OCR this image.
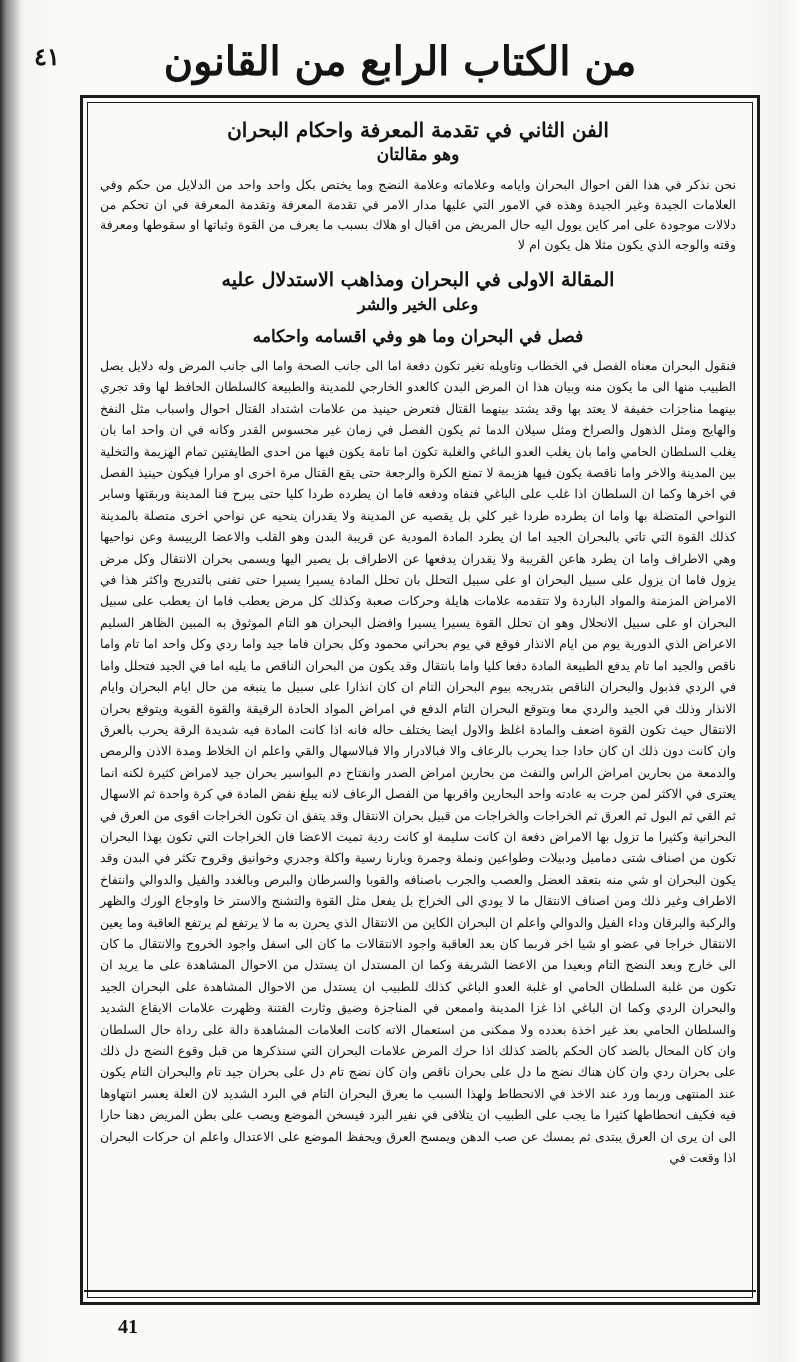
من الكتاب الرابع من القانون
٤١
الفن الثاني في تقدمة المعرفة واحكام البحران
وهو مقالتان

نحن نذكر في هذا الفن احوال البحران وايامه وعلاماته وعلامة النضج وما يختص بكل واحد واحد من الدلايل من حكم وفي العلامات الجيدة وغير الجيدة وهذه في الامور التي عليها مدار الامر في تقدمة المعرفة وتقدمة المعرفة في ان تحكم من دلالات موجودة على امر كاين يوول اليه حال المريض من اقبال او هلاك بسبب ما يعرف من القوة وثباتها او سقوطها ومعرفة وقته والوجه الذي يكون مثلا هل يكون ام لا

المقالة الاولى في البحران ومذاهب الاستدلال عليه
وعلى الخير والشر
فصل في البحران وما هو وفي اقسامه واحكامه

فنقول البحران معناه الفصل في الخطاب وتاويله تغير تكون دفعة اما الى جانب الصحة واما الى جانب المرض وله دلايل يصل الطبيب منها الى ما يكون منه وبيان هذا ان المرض البدن كالعدو الخارجي للمدينة والطبيعة كالسلطان الحافظ لها وقد تجري بينهما مناجزات خفيفة لا يعتد بها وقد يشتد بينهما القتال فتعرض حينيذ من علامات اشتداد القتال احوال واسباب مثل النفخ والهايج ومثل الذهول والصراخ ومثل سيلان الدما ثم يكون الفصل في زمان غير محسوس القدر وكانه في ان واحد اما بان يغلب السلطان الحامي واما بان يغلب العدو الباغي والغلبة تكون اما تامة يكون فيها من احدى الطايفتين تمام الهزيمة والتخلية بين المدينة والاخر واما ناقصة يكون فيها هزيمة لا تمنع الكرة والرجعة حتى يقع القتال مرة اخرى او مرارا فيكون حينيذ الفصل في اخرها وكما ان السلطان اذا غلب على الباغي فنفاه ودفعه فاما ان يطرده طردا كليا حتى يبرح فنا المدينة وربقتها وسابر النواحي المتصلة بها واما ان يطرده طردا غير كلي بل يقصيه عن المدينة ولا يقدران ينحيه عن نواحي اخرى متصلة بالمدينة كذلك القوة التي تاتي بالبحران الجيد اما ان يطرد المادة المودية عن قريبة البدن وهو القلب والاعضا الرييسة وعن نواحيها وهي الاطراف واما ان يطرد هاعن القريبة ولا يقدران يدفعها عن الاطراف بل يصير اليها ويسمى بحران الانتقال وكل مرض يزول فاما ان يزول على سبيل البحران او على سبيل التحلل بان تحلل المادة يسيرا يسيرا حتى تفنى بالتدريج واكثر هذا في الامراض المزمنة والمواد الباردة ولا تتقدمه علامات هايلة وحركات صعبة وكذلك كل مرض يعطب فاما ان يعطب على سبيل البحران او على سبيل الانحلال وهو ان تحلل القوة يسيرا يسيرا وافضل البحران هو التام الموثوق به المبين الظاهر السليم الاعراض الذي الدورية يوم من ايام الانذار فوقع في يوم بحراني محمود وكل بحران فاما جيد واما ردي وكل واحد اما تام واما ناقص والجيد اما تام يدفع الطبيعة المادة دفعا كليا واما بانتقال وقد يكون من البحران الناقص ما يليه اما في الجيد فتحلل واما في الردي فذبول والبحران الناقص بتدريجه بيوم البحران التام ان كان انذارا على سبيل ما ينبغه من حال ايام البحران وايام الانذار وذلك في الجيد والردي معا وبتوقع البحران التام الدفع في امراض المواد الحادة الرقيقة والقوة القوية ويتوقع بحران الانتقال حيث تكون القوة اضعف والمادة اغلظ والاول ايضا يختلف حاله فانه اذا كانت المادة فيه شديدة الرقة يحرب بالعرق وان كانت دون ذلك ان كان حادا جدا يحرب بالرعاف والا فبالادرار والا فبالاسهال والقي واعلم ان الخلاط ومدة الاذن والرمص والدمعة من بحارين امراض الراس والنفث من بحارين امراض الصدر وانفتاح دم البواسير بحران جيد لامراض كثيرة لكنه انما يعترى في الاكثر لمن جرت به عادته واحد البحارين واقربها من الفصل الرعاف لانه يبلغ نفض المادة في كرة واحدة ثم الاسهال ثم القي ثم البول ثم العرق ثم الخراجات والخراجات من قبيل بحران الانتقال وقد يتفق ان تكون الخراجات اقوى من العرق في البحرانية وكثيرا ما تزول بها الامراض دفعة ان كانت سليمة او كانت ردية تميت الاعضا فان الخراجات التي تكون بهذا البحران تكون من اصناف شتى دماميل ودبيلات وطواعين ونملة وجمرة وبارنا رسية واكلة وجدري وخوانيق وقروح تكثر في البدن وقد يكون البحران او شي منه بتعقد العضل والعصب والجرب باصنافه والقوبا والسرطان والبرص وبالغدد والفيل والدوالي وانتفاخ الاطراف وغير ذلك ومن اصناف الانتقال ما لا يودي الى الخراج بل يفعل مثل القوة والتشنج والاستر خا واوجاع الورك والظهر والركبة والبرقان وداء الفيل والدوالي واعلم ان البحران الكاين من الانتقال الذي يحرن به ما لا يرتفع لم يرتفع العاقبة وما يعين الانتقال خراجا في عضو او شيا اخر فربما كان بعد العاقبة واجود الانتقالات ما كان الى اسفل واجود الخروج والانتقال ما كان الى خارج وبعد النضج التام وبعيدا من الاعضا الشريفة وكما ان المستدل ان يستدل من الاحوال المشاهدة على ما يريد ان تكون من غلبة السلطان الحامي او غلبة العدو الباغي كذلك للطبيب ان يستدل من الاحوال المشاهدة على البحران الجيد والبحران الردي وكما ان الباغي اذا غزا المدينة واممعن في المناجزة وضيق وثارت الفتنة وظهرت علامات الايقاع الشديد والسلطان الحامي بعد غير اخذة بعدده ولا ممكنى من استعمال الاته كانت العلامات المشاهدة دالة على رداة حال السلطان وان كان المحال بالضد كان الحكم بالضد كذلك اذا حرك المرض علامات البحران التي سنذكرها من قبل وقوع النضج دل ذلك على بحران ردي وان كان هناك نضج ما دل على بحران ناقص وان كان نضج تام دل على بحران جيد تام والبحران التام يكون عند المنتهى وربما ورد عند الاخذ في الانحطاط ولهذا السبب ما يعرق البحران التام في البرد الشديد لان العلة يعسر انتهاوها فيه فكيف انحطاطها كثيرا ما يجب على الطبيب ان يتلافى في نفير البرد فيسخن الموضع ويصب على بطن المريض دهنا حارا الى ان يرى ان العرق يبتدى ثم يمسك عن صب الدهن ويمسح العرق ويحفظ الموضع على الاعتدال واعلم ان حركات البحران اذا وقعت في

41
